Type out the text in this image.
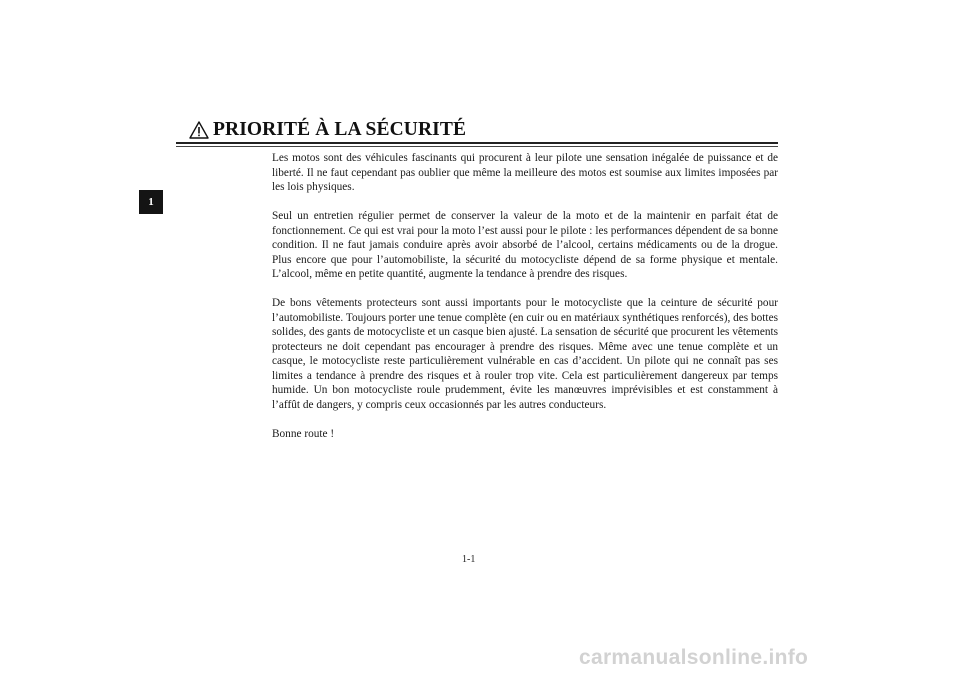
PRIORITÉ À LA SÉCURITÉ
1

Les motos sont des véhicules fascinants qui procurent à leur pilote une sensation inégalée de puissance et de liberté. Il ne faut cependant pas oublier que même la meilleure des motos est soumise aux limites imposées par les lois physiques.

Seul un entretien régulier permet de conserver la valeur de la moto et de la maintenir en parfait état de fonctionnement. Ce qui est vrai pour la moto l’est aussi pour le pilote : les performances dépendent de sa bonne condition. Il ne faut jamais conduire après avoir absorbé de l’alcool, certains médicaments ou de la drogue. Plus encore que pour l’automobiliste, la sécurité du motocycliste dépend de sa forme physique et mentale. L’alcool, même en petite quantité, augmente la tendance à prendre des risques.

De bons vêtements protecteurs sont aussi importants pour le motocycliste que la ceinture de sécurité pour l’automobiliste. Toujours porter une tenue complète (en cuir ou en matériaux synthétiques renforcés), des bottes solides, des gants de motocycliste et un casque bien ajusté. La sensation de sécurité que procurent les vêtements protecteurs ne doit cependant pas encourager à prendre des risques. Même avec une tenue complète et un casque, le motocycliste reste particulièrement vulnérable en cas d’accident. Un pilote qui ne connaît pas ses limites a tendance à prendre des risques et à rouler trop vite. Cela est particulièrement dangereux par temps humide. Un bon motocycliste roule prudemment, évite les manœuvres imprévisibles et est constamment à l’affût de dangers, y compris ceux occasionnés par les autres conducteurs.

Bonne route !

1-1
carmanualsonline.info
